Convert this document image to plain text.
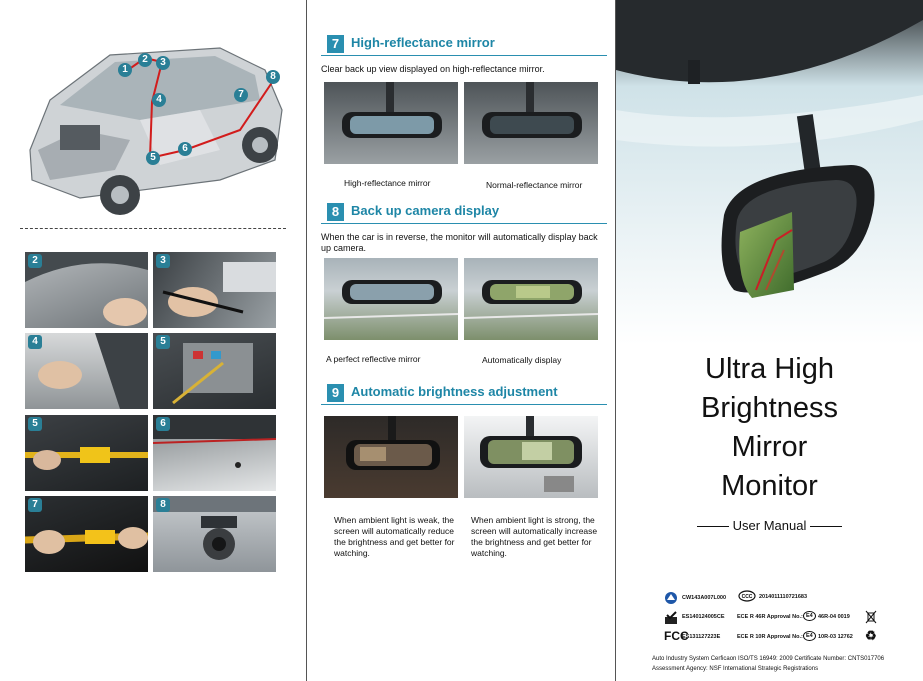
1
2	3
4
5
6
7
8
2	3
4	5
5	6
7	8
7 High-reflectance mirror
Clear back up view displayed on high-reflectance mirror.
High-reflectance mirror	Normal-reflectance mirror
8 Back up camera display
When the car is in reverse, the monitor will automatically display back up camera.
A perfect reflective mirror	Automatically display
9 Automatic brightness adjustment
When ambient light is weak, the screen will automatically reduce the brightness and get better for watching.
When ambient light is strong, the screen will automatically increase the brightness and get better for watching.
Ultra High
Brightness
Mirror
Monitor
User Manual
CW143A007L000	CCC 2014011110721683
ES140124005CE ECE R 46R Approval No.: E4 46R-04 0019
FCC
ES131127223E	ECE R 10R Approval No.: E4 10R-03 12762 ♻
Auto Industry System Cerficaon ISO/TS 16949: 2009 Certificate Number: CNTS017706
Assessment Agency: NSF International Strategic Registrations
